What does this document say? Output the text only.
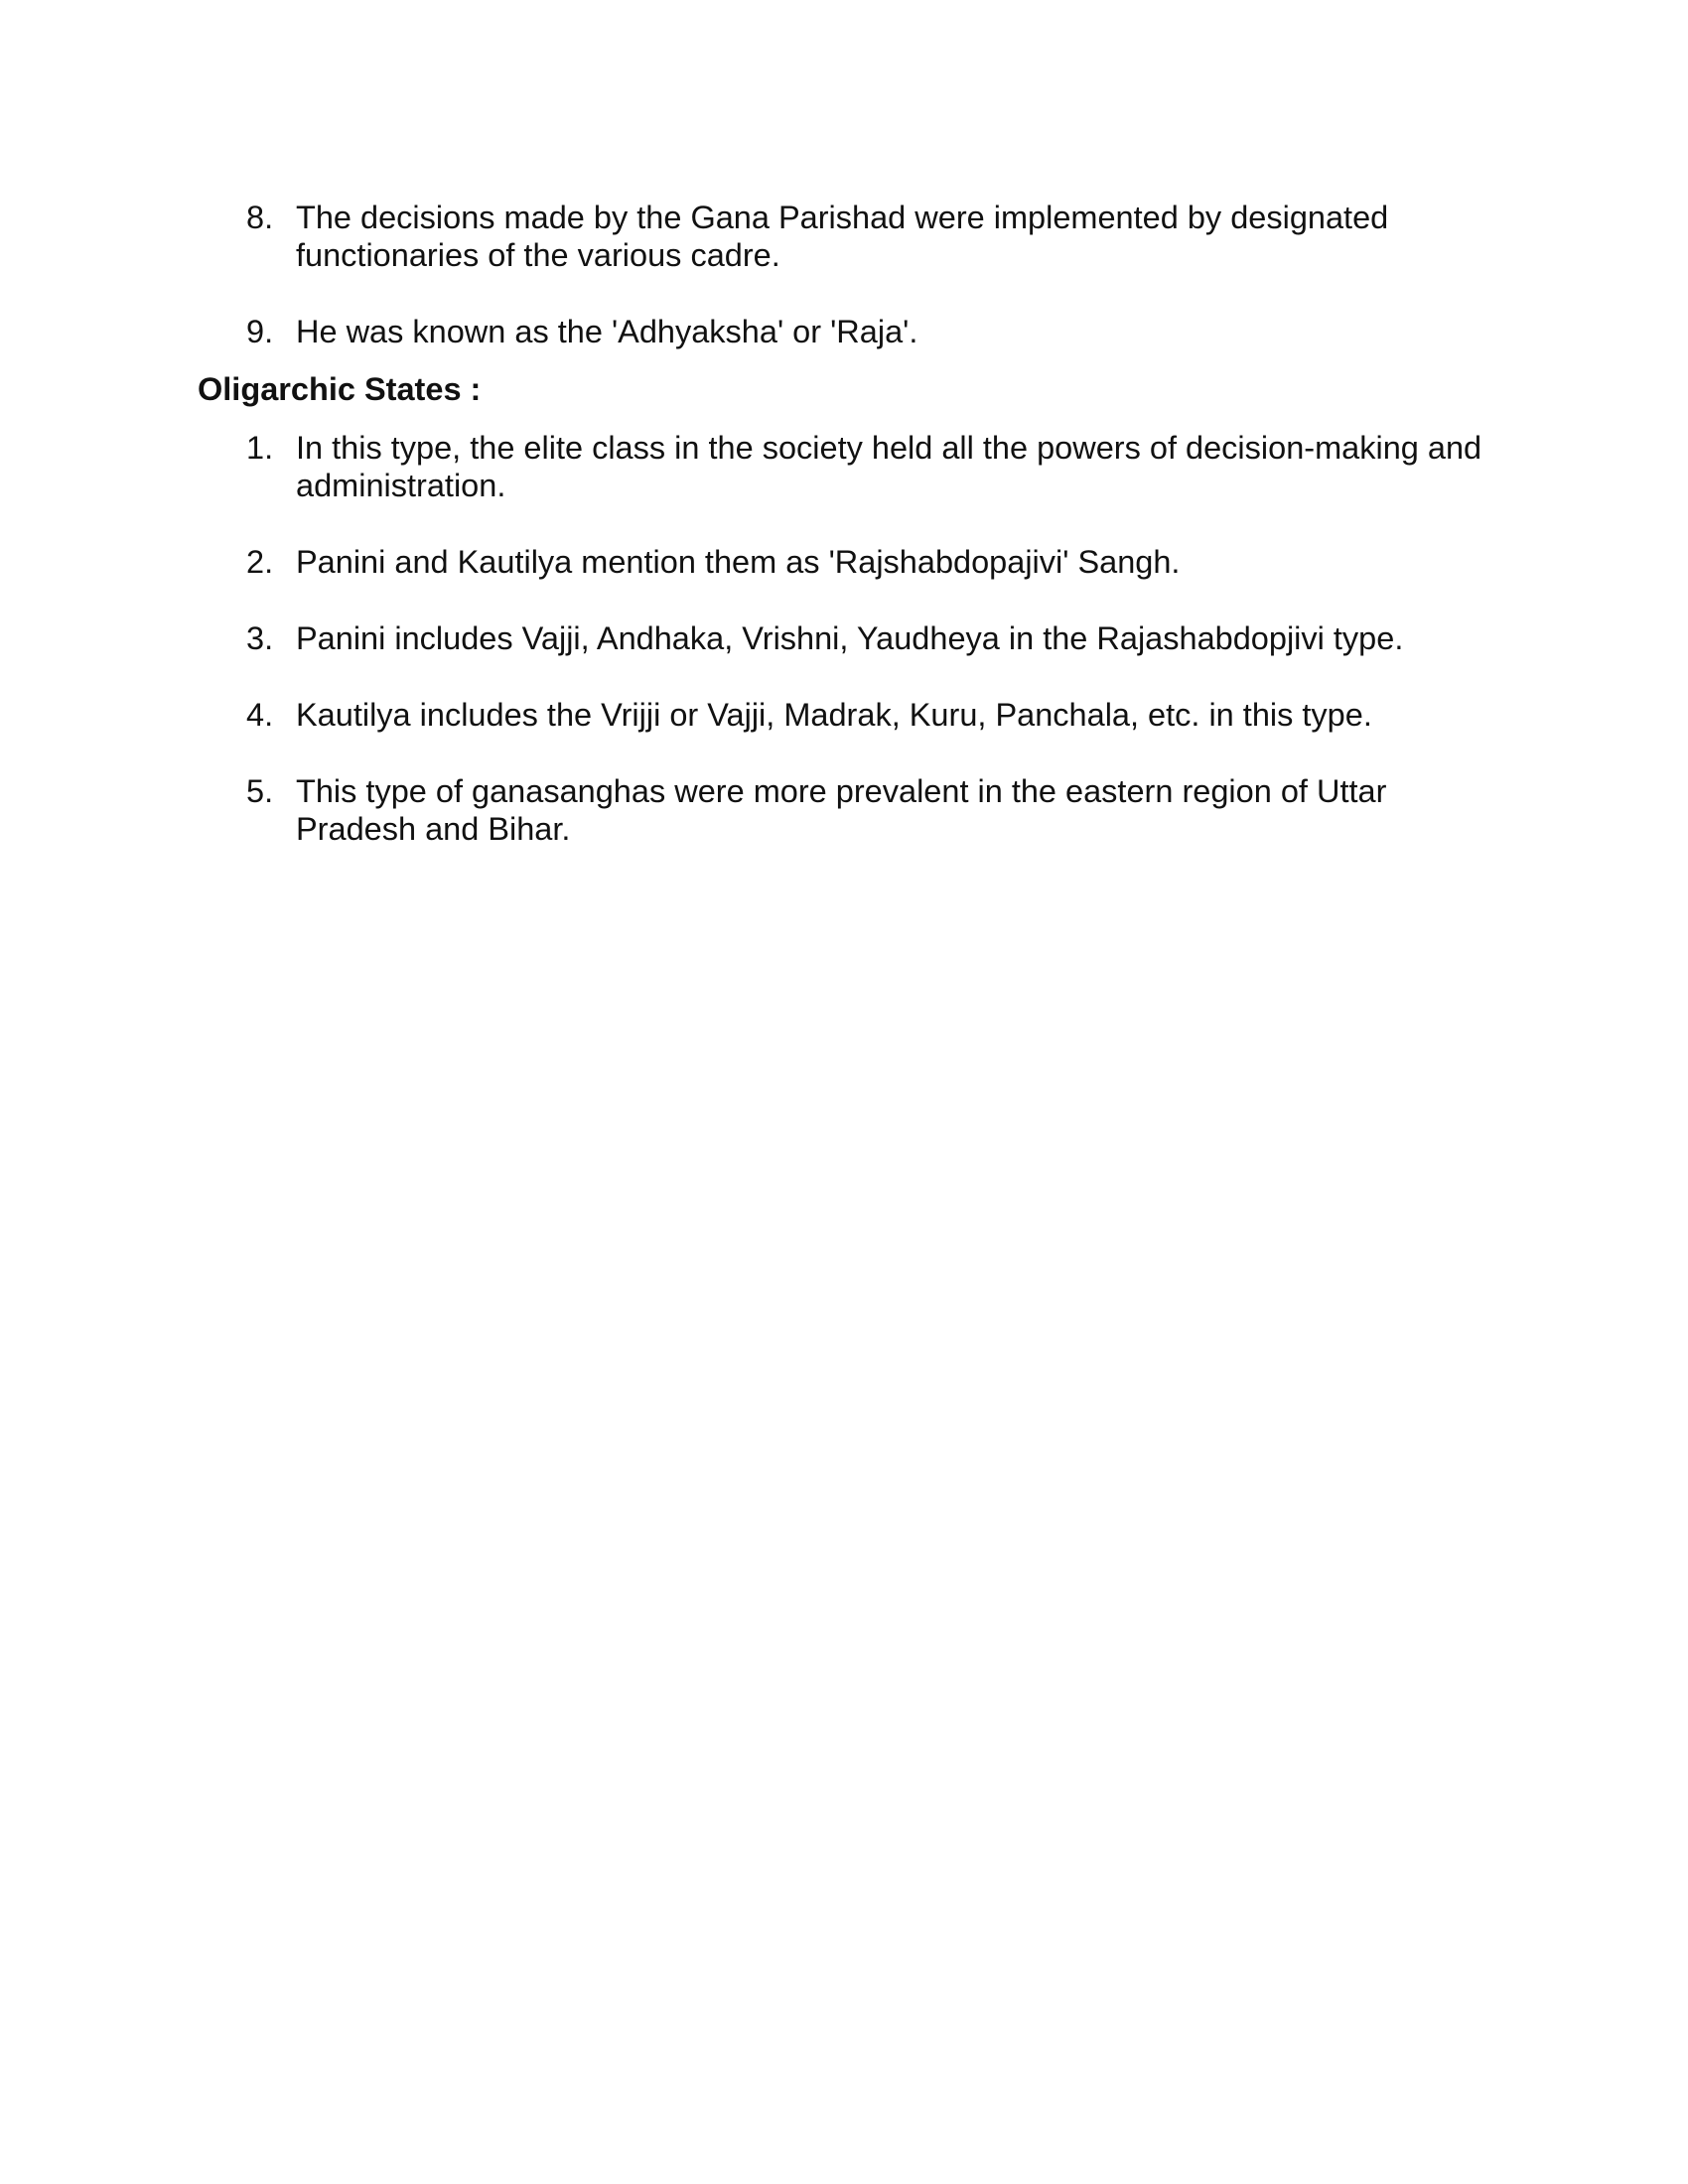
8. The decisions made by the Gana Parishad were implemented by designated functionaries of the various cadre.
9. He was known as the 'Adhyaksha' or 'Raja'.
Oligarchic States :
1. In this type, the elite class in the society held all the powers of decision-making and administration.
2. Panini and Kautilya mention them as 'Rajshabdopajivi' Sangh.
3. Panini includes Vajji, Andhaka, Vrishni, Yaudheya in the Rajashabdopjivi type.
4. Kautilya includes the Vrijji or Vajji, Madrak, Kuru, Panchala, etc. in this type.
5. This type of ganasanghas were more prevalent in the eastern region of Uttar Pradesh and Bihar.
